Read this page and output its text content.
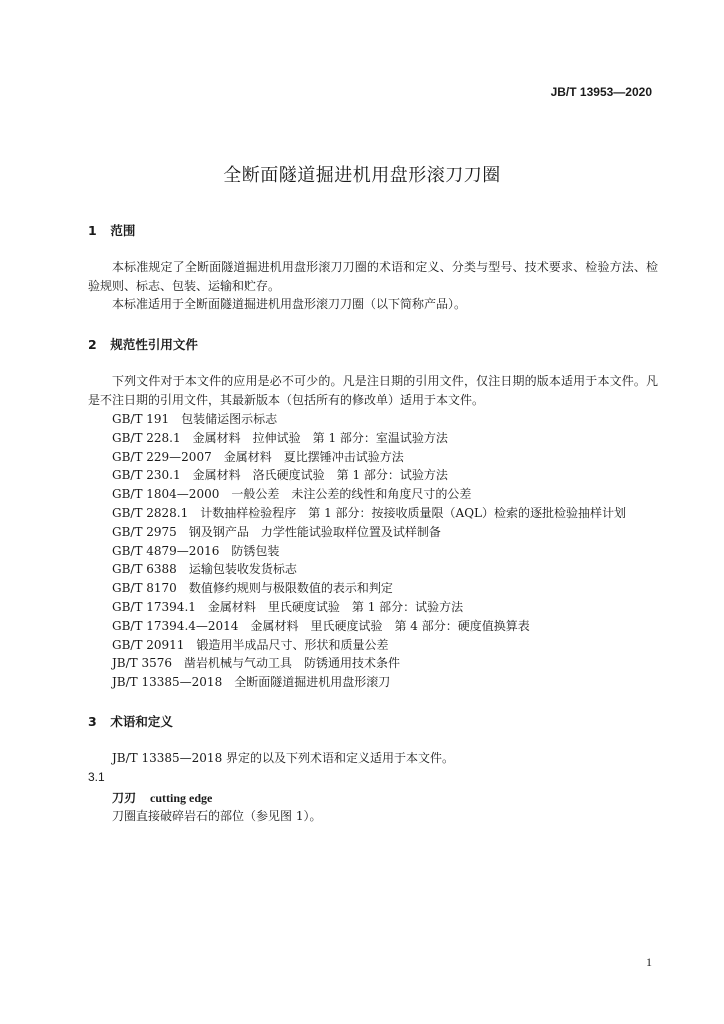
JB/T 13953—2020
全断面隧道掘进机用盘形滚刀刀圈
1 范围
本标准规定了全断面隧道掘进机用盘形滚刀刀圈的术语和定义、分类与型号、技术要求、检验方法、检验规则、标志、包装、运输和贮存。
本标准适用于全断面隧道掘进机用盘形滚刀刀圈（以下简称产品）。
2 规范性引用文件
下列文件对于本文件的应用是必不可少的。凡是注日期的引用文件，仅注日期的版本适用于本文件。凡是不注日期的引用文件，其最新版本（包括所有的修改单）适用于本文件。
GB/T 191 包装储运图示标志
GB/T 228.1 金属材料　拉伸试验　第 1 部分：室温试验方法
GB/T 229—2007 金属材料　夏比摆锤冲击试验方法
GB/T 230.1 金属材料　洛氏硬度试验　第 1 部分：试验方法
GB/T 1804—2000 一般公差　未注公差的线性和角度尺寸的公差
GB/T 2828.1 计数抽样检验程序　第 1 部分：按接收质量限（AQL）检索的逐批检验抽样计划
GB/T 2975 钢及钢产品　力学性能试验取样位置及试样制备
GB/T 4879—2016 防锈包装
GB/T 6388 运输包装收发货标志
GB/T 8170 数值修约规则与极限数值的表示和判定
GB/T 17394.1 金属材料　里氏硬度试验　第 1 部分：试验方法
GB/T 17394.4—2014 金属材料　里氏硬度试验　第 4 部分：硬度值换算表
GB/T 20911 锻造用半成品尺寸、形状和质量公差
JB/T 3576 凿岩机械与气动工具　防锈通用技术条件
JB/T 13385—2018 全断面隧道掘进机用盘形滚刀
3 术语和定义
JB/T 13385—2018 界定的以及下列术语和定义适用于本文件。
3.1
刀刃 cutting edge
刀圈直接破碎岩石的部位（参见图 1）。
1
